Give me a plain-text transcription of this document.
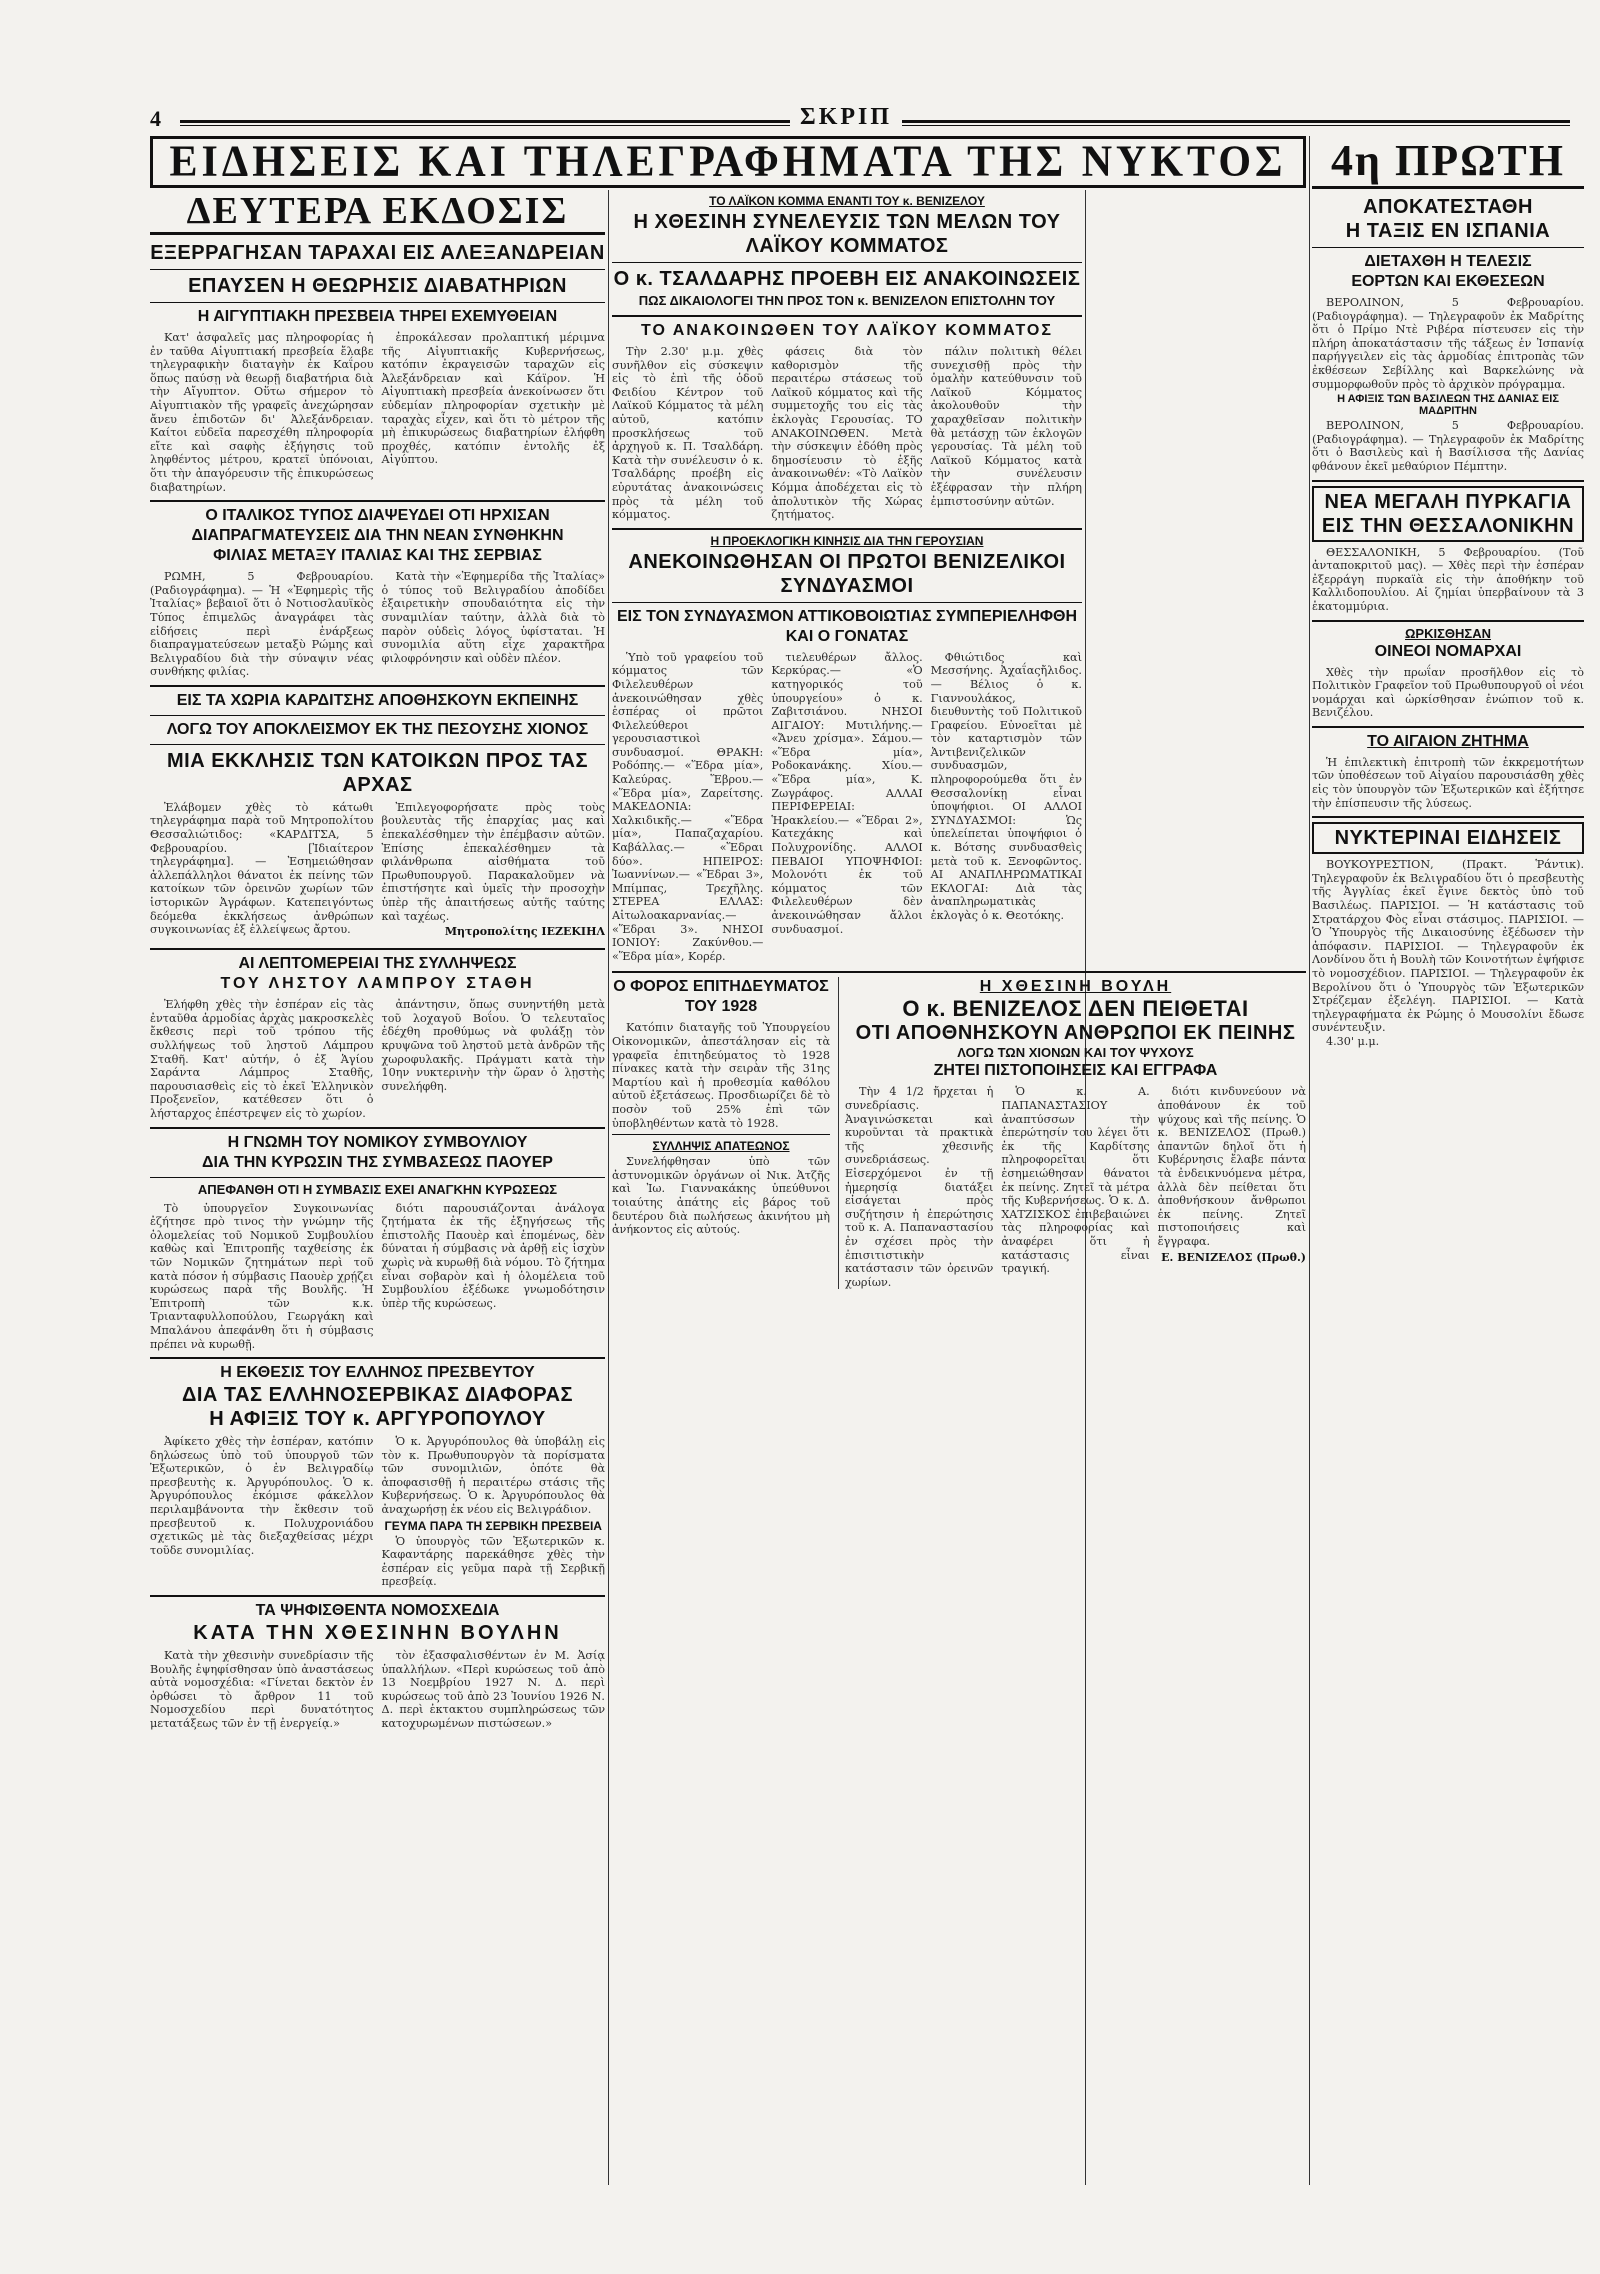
4	ΣΚΡΙΠ
ΕΙΔΗΣΕΙΣ ΚΑΙ ΤΗΛΕΓΡΑΦΗΜΑΤΑ ΤΗΣ ΝΥΚΤΟΣ
ΔΕΥΤΕΡΑ ΕΚΔΟΣΙΣ
ΕΞΕΡΡΑΓΗΣΑΝ ΤΑΡΑΧΑΙ ΕΙΣ ΑΛΕΞΑΝΔΡΕΙΑΝ
ΕΠΑΥΣΕΝ Η ΘΕΩΡΗΣΙΣ ΔΙΑΒΑΤΗΡΙΩΝ
Η ΑΙΓΥΠΤΙΑΚΗ ΠΡΕΣΒΕΙΑ ΤΗΡΕΙ ΕΧΕΜΥΘΕΙΑΝ

Κατ' ἀσφαλεῖς μας πληροφορίας ἡ ἐν ταῦθα Αἰγυπτιακή πρεσβεία ἔλαβε τηλεγραφικὴν διαταγὴν ἐκ Καΐρου ὅπως παύσῃ νὰ θεωρῇ διαβατήρια διὰ τὴν Αἴγυπτον. Οὕτω σήμερον τὸ Αἰγυπτιακὸν τῆς γραφεῖς ἀνεχώρησαν ἄνευ ἐπιδοτῶν δι' Ἀλεξάνδρειαν. Καίτοι εὐδεῖα παρεσχέθη πληροφορία εἴτε καὶ σαφὴς ἐξήγησις τοῦ ληφθέντος μέτρου, κρατεῖ ὑπόνοιαι, ὅτι τὴν ἀπαγόρευσιν τῆς ἐπικυρώσεως διαβατηρίων.

ἐπροκάλεσαν προλαπτική μέριμνα τῆς Αἰγυπτιακῆς Κυβερνήσεως, κατόπιν ἐκραγεισῶν ταραχῶν εἰς Ἀλεξάνδρειαν καὶ Κάϊρον. Ἡ Αἰγυπτιακὴ πρεσβεία ἀνεκοίνωσεν ὅτι εὐδεμίαν πληροφορίαν σχετικὴν μὲ ταραχὰς εἶχεν, καὶ ὅτι τὸ μέτρον τῆς μὴ ἐπικυρώσεως διαβατηρίων ἐλήφθη προχθές, κατόπιν ἐντολῆς ἐξ Αἰγύπτου.

Ο ΙΤΑΛΙΚΟΣ ΤΥΠΟΣ ΔΙΑΨΕΥΔΕΙ ΟΤΙ ΗΡΧΙΣΑΝ
ΔΙΑΠΡΑΓΜΑΤΕΥΣΕΙΣ ΔΙΑ ΤΗΝ ΝΕΑΝ ΣΥΝΘΗΚΗΝ
ΦΙΛΙΑΣ ΜΕΤΑΞΥ ΙΤΑΛΙΑΣ ΚΑΙ ΤΗΣ ΣΕΡΒΙΑΣ

ΡΩΜΗ, 5 Φεβρουαρίου. (Ραδιογράφημα). — Ἡ «Ἐφημερὶς τῆς Ἰταλίας» βεβαιοῖ ὅτι ὁ Νοτιοσλαυϊκὸς Τύπος ἐπιμελῶς ἀναγράφει τὰς εἰδήσεις περὶ ἐνάρξεως διαπραγματεύσεων μεταξὺ Ρώμης καὶ Βελιγραδίου διὰ τὴν σύναψιν νέας συνθήκης φιλίας.

Κατὰ τὴν «Ἐφημερίδα τῆς Ἰταλίας» ὁ τύπος τοῦ Βελιγραδίου ἀποδίδει ἐξαιρετικὴν σπουδαιότητα εἰς τὴν συναμιλίαν ταύτην, ἀλλὰ διὰ τὸ παρὸν οὐδεὶς λόγος ὑφίσταται. Ἡ συνομιλία αὕτη εἶχε χαρακτῆρα φιλοφρόνησιν καὶ οὐδὲν πλέον.

ΕΙΣ ΤΑ ΧΩΡΙΑ ΚΑΡΔΙΤΣΗΣ ΑΠΟΘΗΣΚΟΥΝ ΕΚΠΕΙΝΗΣ
ΛΟΓΩ ΤΟΥ ΑΠΟΚΛΕΙΣΜΟΥ ΕΚ ΤΗΣ ΠΕΣΟΥΣΗΣ ΧΙΟΝΟΣ
ΜΙΑ ΕΚΚΛΗΣΙΣ ΤΩΝ ΚΑΤΟΙΚΩΝ ΠΡΟΣ ΤΑΣ ΑΡΧΑΣ

Ἐλάβομεν χθὲς τὸ κάτωθι τηλεγράφημα παρὰ τοῦ Μητροπολίτου Θεσσαλιώτιδος: «ΚΑΡΔΙΤΣΑ, 5 Φεβρουαρίου. [Ἰδιαίτερον τηλεγράφημα]. — Ἐσημειώθησαν ἀλλεπάλληλοι θάνατοι ἐκ πείνης τῶν κατοίκων τῶν ὀρεινῶν χωρίων τῶν ἱστορικῶν Ἀγράφων. Κατεπειγόντως δεόμεθα ἐκκλήσεως ἀνθρώπων συγκοινωνίας ἐξ ἐλλείψεως ἄρτου.

Ἐπιλεγοφορήσατε πρὸς τοὺς βουλευτὰς τῆς ἐπαρχίας μας καὶ ἐπεκαλέσθημεν τὴν ἐπέμβασιν αὐτῶν. Ἐπίσης ἐπεκαλέσθημεν τὰ φιλάνθρωπα αἰσθήματα τοῦ Πρωθυπουργοῦ. Παρακαλοῦμεν νὰ ἐπιστήσητε καὶ ὑμεῖς τὴν προσοχὴν ὑπὲρ τῆς ἀπαιτήσεως αὐτῆς ταύτης καὶ ταχέως.

Μητροπολίτης ΙΕΖΕΚΙΗΛ
ΑΙ ΛΕΠΤΟΜΕΡΕΙΑΙ ΤΗΣ ΣΥΛΛΗΨΕΩΣ
ΤΟΥ ΛΗΣΤΟΥ ΛΑΜΠΡΟΥ ΣΤΑΘΗ

Ἐλήφθη χθὲς τὴν ἑσπέραν εἰς τὰς ἐνταῦθα ἁρμοδίας ἀρχὰς μακροσκελὲς ἔκθεσις περὶ τοῦ τρόπου τῆς συλλήψεως τοῦ ληστοῦ Λάμπρου Σταθῆ. Κατ' αὐτήν, ὁ ἐξ Ἁγίου Σαράντα Λάμπρος Σταθῆς, παρουσιασθεὶς εἰς τὸ ἐκεῖ Ἑλληνικὸν Προξενεῖον, κατέθεσεν ὅτι ὁ λήσταρχος ἐπέστρεψεν εἰς τὸ χωρίον.

ἀπάντησιν, ὅπως συνηντήθη μετὰ τοῦ λοχαγοῦ Βοΐου. Ὁ τελευταῖος ἐδέχθη προθύμως νὰ φυλάξῃ τὸν κρυψῶνα τοῦ ληστοῦ μετὰ ἀνδρῶν τῆς χωροφυλακῆς. Πράγματι κατὰ τὴν 10ην νυκτερινὴν τὴν ὥραν ὁ λῃστὴς συνελήφθη.

Η ΓΝΩΜΗ ΤΟΥ ΝΟΜΙΚΟΥ ΣΥΜΒΟΥΛΙΟΥ
ΔΙΑ ΤΗΝ ΚΥΡΩΣΙΝ ΤΗΣ ΣΥΜΒΑΣΕΩΣ ΠΑΟΥΕΡ
ΑΠΕΦΑΝΘΗ ΟΤΙ Η ΣΥΜΒΑΣΙΣ ΕΧΕΙ ΑΝΑΓΚΗΝ ΚΥΡΩΣΕΩΣ

Τὸ ὑπουργεῖον Συγκοινωνίας ἐζήτησε πρὸ τινος τὴν γνώμην τῆς ὁλομελείας τοῦ Νομικοῦ Συμβουλίου καθὼς καὶ Ἐπιτροπῆς ταχθείσης ἐκ τῶν Νομικῶν ζητημάτων περὶ τοῦ κατὰ πόσον ἡ σύμβασις Παουὲρ χρῄζει κυρώσεως παρὰ τῆς Βουλῆς. Ἡ Ἐπιτροπὴ τῶν κ.κ. Τριανταφυλλοπούλου, Γεωργάκη καὶ Μπαλάνου ἀπεφάνθη ὅτι ἡ σύμβασις πρέπει νὰ κυρωθῇ.

διότι παρουσιάζονται ἀνάλογα ζητήματα ἐκ τῆς ἐξηγήσεως τῆς ἐπιστολῆς Παουὲρ καὶ ἑπομένως, δὲν δύναται ἡ σύμβασις νὰ ἀρθῇ εἰς ἰσχὺν χωρὶς νὰ κυρωθῇ διὰ νόμου. Τὸ ζήτημα εἶναι σοβαρὸν καὶ ἡ ὁλομέλεια τοῦ Συμβουλίου ἐξέδωκε γνωμοδότησιν ὑπὲρ τῆς κυρώσεως.

Η ΕΚΘΕΣΙΣ ΤΟΥ ΕΛΛΗΝΟΣ ΠΡΕΣΒΕΥΤΟΥ
ΔΙΑ ΤΑΣ ΕΛΛΗΝΟΣΕΡΒΙΚΑΣ ΔΙΑΦΟΡΑΣ
Η ΑΦΙΞΙΣ ΤΟΥ κ. ΑΡΓΥΡΟΠΟΥΛΟΥ

Ἀφίκετο χθὲς τὴν ἑσπέραν, κατόπιν δηλώσεως ὑπὸ τοῦ ὑπουργοῦ τῶν Ἐξωτερικῶν, ὁ ἐν Βελιγραδίῳ πρεσβευτὴς κ. Ἀργυρόπουλος. Ὁ κ. Ἀργυρόπουλος ἐκόμισε φάκελλον περιλαμβάνοντα τὴν ἔκθεσιν τοῦ πρεσβευτοῦ κ. Πολυχρονιάδου σχετικῶς μὲ τὰς διεξαχθείσας μέχρι τοῦδε συνομιλίας.

Ὁ κ. Ἀργυρόπουλος θὰ ὑποβάλῃ εἰς τὸν κ. Πρωθυπουργὸν τὰ πορίσματα τῶν συνομιλιῶν, ὁπότε θὰ ἀποφασισθῇ ἡ περαιτέρω στάσις τῆς Κυβερνήσεως. Ὁ κ. Ἀργυρόπουλος θὰ ἀναχωρήσῃ ἐκ νέου εἰς Βελιγράδιον.

ΓΕΥΜΑ ΠΑΡΑ ΤΗ ΣΕΡΒΙΚΗ ΠΡΕΣΒΕΙΑ

Ὁ ὑπουργὸς τῶν Ἐξωτερικῶν κ. Καφαντάρης παρεκάθησε χθὲς τὴν ἑσπέραν εἰς γεῦμα παρὰ τῇ Σερβικῇ πρεσβείᾳ.

ΤΑ ΨΗΦΙΣΘΕΝΤΑ ΝΟΜΟΣΧΕΔΙΑ
ΚΑΤΑ ΤΗΝ ΧΘΕΣΙΝΗΝ ΒΟΥΛΗΝ

Κατὰ τὴν χθεσινὴν συνεδρίασιν τῆς Βουλῆς ἐψηφίσθησαν ὑπὸ ἀναστάσεως αὐτὰ νομοσχέδια: «Γίνεται δεκτὸν ἐν ὀρθώσει τὸ ἄρθρον 11 τοῦ Νομοσχεδίου περὶ δυνατότητος μετατάξεως τῶν ἐν τῇ ἐνεργείᾳ.»

τὸν ἐξασφαλισθέντων ἐν Μ. Ἀσίᾳ ὑπαλλήλων. «Περὶ κυρώσεως τοῦ ἀπὸ 13 Νοεμβρίου 1927 Ν. Δ. περὶ κυρώσεως τοῦ ἀπὸ 23 Ἰουνίου 1926 Ν. Δ. περὶ ἐκτακτου συμπληρώσεως τῶν κατοχυρωμένων πιστώσεων.»

ΤΟ ΛΑΪΚΟΝ ΚΟΜΜΑ ΕΝΑΝΤΙ ΤΟΥ κ. ΒΕΝΙΖΕΛΟΥ
Η ΧΘΕΣΙΝΗ ΣΥΝΕΛΕΥΣΙΣ ΤΩΝ ΜΕΛΩΝ ΤΟΥ ΛΑΪΚΟΥ ΚΟΜΜΑΤΟΣ
Ο κ. ΤΣΑΛΔΑΡΗΣ ΠΡΟΕΒΗ ΕΙΣ ΑΝΑΚΟΙΝΩΣΕΙΣ
ΠΩΣ ΔΙΚΑΙΟΛΟΓΕΙ ΤΗΝ ΠΡΟΣ ΤΟΝ κ. ΒΕΝΙΖΕΛΟΝ ΕΠΙΣΤΟΛΗΝ ΤΟΥ
ΤΟ ΑΝΑΚΟΙΝΩΘΕΝ ΤΟΥ ΛΑΪΚΟΥ ΚΟΜΜΑΤΟΣ

Τὴν 2.30' μ.μ. χθὲς συνῆλθον εἰς σύσκεψιν εἰς τὸ ἐπὶ τῆς ὁδοῦ Φειδίου Κέντρον τοῦ Λαϊκοῦ Κόμματος τὰ μέλη αὐτοῦ, κατόπιν προσκλήσεως τοῦ ἀρχηγοῦ κ. Π. Τσαλδάρη. Κατὰ τὴν συνέλευσιν ὁ κ. Τσαλδάρης προέβη εἰς εὐρυτάτας ἀνακοινώσεις πρὸς τὰ μέλη τοῦ κόμματος.

φάσεις διὰ τὸν καθορισμὸν τῆς περαιτέρω στάσεως τοῦ Λαϊκοῦ κόμματος καὶ τῆς συμμετοχῆς του εἰς τὰς ἐκλογὰς Γερουσίας. ΤΟ ΑΝΑΚΟΙΝΩΘΕΝ. Μετὰ τὴν σύσκεψιν ἐδόθη πρὸς δημοσίευσιν τὸ ἑξῆς ἀνακοινωθέν: «Τὸ Λαϊκὸν Κόμμα ἀποδέχεται εἰς τὸ ἀπολυτικὸν τῆς Χώρας ζητήματος.

πάλιν πολιτικὴ θέλει συνεχισθῇ πρὸς τὴν ὁμαλὴν κατεύθυνσιν τοῦ Λαϊκοῦ Κόμματος ἀκολουθοῦν τὴν χαραχθεῖσαν πολιτικὴν θὰ μετάσχῃ τῶν ἐκλογῶν γερουσίας. Τὰ μέλη τοῦ Λαϊκοῦ Κόμματος κατὰ τὴν συνέλευσιν ἐξέφρασαν τὴν πλήρη ἐμπιστοσύνην αὐτῶν.

Η ΠΡΟΕΚΛΟΓΙΚΗ ΚΙΝΗΣΙΣ ΔΙΑ ΤΗΝ ΓΕΡΟΥΣΙΑΝ
ΑΝΕΚΟΙΝΩΘΗΣΑΝ ΟΙ ΠΡΩΤΟΙ ΒΕΝΙΖΕΛΙΚΟΙ ΣΥΝΔΥΑΣΜΟΙ
ΕΙΣ ΤΟΝ ΣΥΝΔΥΑΣΜΟΝ ΑΤΤΙΚΟΒΟΙΩΤΙΑΣ ΣΥΜΠΕΡΙΕΛΗΦΘΗ ΚΑΙ Ο ΓΟΝΑΤΑΣ

Ὑπὸ τοῦ γραφείου τοῦ κόμματος τῶν Φιλελευθέρων ἀνεκοινώθησαν χθὲς ἑσπέρας οἱ πρῶτοι Φιλελεύθεροι γερουσιαστικοὶ συνδυασμοί. ΘΡΑΚΗ: Ροδόπης.— «Ἕδρα μία», Καλεύρας. Ἕβρου.— «Ἕδρα μία», Ζαρείτσης. ΜΑΚΕΔΟΝΙΑ: Χαλκιδικῆς.— «Ἕδρα μία», Παπαζαχαρίου. Καβάλλας.— «Ἕδραι δύο». ΗΠΕΙΡΟΣ: Ἰωαννίνων.— «Ἕδραι 3», Μπίμπας, Τρεχῆλης. ΣΤΕΡΕΑ ΕΛΛΑΣ: Αἰτωλοακαρνανίας.— «Ἕδραι 3». ΝΗΣΟΙ ΙΟΝΙΟΥ: Ζακύνθου.— «Ἕδρα μία», Κορέρ.

τιελευθέρων ἄλλος. Κερκύρας.— «Ὁ κατηγορικός τοῦ ὑπουργείου» ὁ κ. Ζαβιτσιάνου. ΝΗΣΟΙ ΑΙΓΑΙΟΥ: Μυτιλήνης.— «Ἄνευ χρίσμα». Σάμου.— «Ἕδρα μία», Ροδοκανάκης. Χίου.— «Ἕδρα μία», Κ. Ζωγράφος. ΑΛΛΑΙ ΠΕΡΙΦΕΡΕΙΑΙ: Ἡρακλείου.— «Ἕδραι 2», Κατεχάκης καὶ Πολυχρονίδης. ΑΛΛΟΙ ΠΕΒΑΙΟΙ ΥΠΟΨΗΦΙΟΙ: Μολονότι ἐκ τοῦ κόμματος τῶν Φιλελευθέρων δὲν ἀνεκοινώθησαν ἄλλοι συνδυασμοί.

Φθιώτιδος καὶ Μεσσήνης. Ἀχαΐαςἤλιδος.— Βέλιος ὁ κ. Γιαννουλάκος, διευθυντὴς τοῦ Πολιτικοῦ Γραφείου. Εὐνοεῖται μὲ τὸν καταρτισμὸν τῶν Ἀντιβενιζελικῶν συνδυασμῶν, πληροφορούμεθα ὅτι ἐν Θεσσαλονίκῃ εἶναι ὑποψήφιοι. ΟΙ ΑΛΛΟΙ ΣΥΝΔΥΑΣΜΟΙ: Ὡς ὑπελείπεται ὑποψήφιοι ὁ κ. Βότσης συνδυασθεὶς μετὰ τοῦ κ. Ξενοφῶντος. ΑΙ ΑΝΑΠΛΗΡΩΜΑΤΙΚΑΙ ΕΚΛΟΓΑΙ: Διὰ τὰς ἀναπληρωματικὰς ἐκλογὰς ὁ κ. Θεοτόκης.

Ο ΦΟΡΟΣ ΕΠΙΤΗΔΕΥΜΑΤΟΣ ΤΟΥ 1928

Κατόπιν διαταγῆς τοῦ Ὑπουργείου Οἰκονομικῶν, ἀπεστάλησαν εἰς τὰ γραφεῖα ἐπιτηδεύματος τὸ 1928 πίνακες κατὰ τὴν σειρὰν τῆς 31ης Μαρτίου καὶ ἡ προθεσμία καθόλου αὐτοῦ ἐξετάσεως. Προσδιωρίζει δὲ τὸ ποσὸν τοῦ 25% ἐπὶ τῶν ὑποβληθέντων κατὰ τὸ 1928.

ΣΥΛΛΗΨΙΣ ΑΠΑΤΕΩΝΟΣ

Συνελήφθησαν ὑπὸ τῶν ἀστυνομικῶν ὀργάνων οἱ Νικ. Ἀτζῆς καὶ Ἰω. Γιαννακάκης ὑπεύθυνοι τοιαύτης ἀπάτης εἰς βάρος τοῦ δευτέρου διὰ πωλήσεως ἀκινήτου μὴ ἀνήκοντος εἰς αὐτούς.

Η ΧΘΕΣΙΝΗ ΒΟΥΛΗ
Ο κ. ΒΕΝΙΖΕΛΟΣ ΔΕΝ ΠΕΙΘΕΤΑΙ
ΟΤΙ ΑΠΟΘΝΗΣΚΟΥΝ ΑΝΘΡΩΠΟΙ ΕΚ ΠΕΙΝΗΣ
ΛΟΓΩ ΤΩΝ ΧΙΟΝΩΝ ΚΑΙ ΤΟΥ ΨΥΧΟΥΣ
ΖΗΤΕΙ ΠΙΣΤΟΠΟΙΗΣΕΙΣ ΚΑΙ ΕΓΓΡΑΦΑ

Τὴν 4 1/2 ἤρχεται ἡ συνεδρίασις. Ἀναγινώσκεται καὶ κυροῦνται τὰ πρακτικὰ τῆς χθεσινῆς συνεδριάσεως. Εἰσερχόμενοι ἐν τῇ ἡμερησίᾳ διατάξει εἰσάγεται πρὸς συζήτησιν ἡ ἐπερώτησις τοῦ κ. Α. Παπαναστασίου ἐν σχέσει πρὸς τὴν ἐπισιτιστικὴν κατάστασιν τῶν ὀρεινῶν χωρίων.

Ὁ κ. Α. ΠΑΠΑΝΑΣΤΑΣΙΟΥ ἀναπτύσσων τὴν ἐπερώτησίν του λέγει ὅτι ἐκ τῆς Καρδίτσης πληροφορεῖται ὅτι ἐσημειώθησαν θάνατοι ἐκ πείνης. Ζητεῖ τὰ μέτρα τῆς Κυβερνήσεως. Ὁ κ. Δ. ΧΑΤΖΙΣΚΟΣ ἐπιβεβαιώνει τὰς πληροφορίας καὶ ἀναφέρει ὅτι ἡ κατάστασις εἶναι τραγική.

διότι κινδυνεύουν νὰ ἀποθάνουν ἐκ τοῦ ψύχους καὶ τῆς πείνης. Ὁ κ. ΒΕΝΙΖΕΛΟΣ (Πρωθ.) ἀπαντῶν δηλοῖ ὅτι ἡ Κυβέρνησις ἔλαβε πάντα τὰ ἐνδεικνυόμενα μέτρα, ἀλλὰ δὲν πείθεται ὅτι ἀποθνήσκουν ἄνθρωποι ἐκ πείνης. Ζητεῖ πιστοποιήσεις καὶ ἔγγραφα.

Ε. ΒΕΝΙΖΕΛΟΣ (Πρωθ.)
4η ΠΡΩΤΗ
ΑΠΟΚΑΤΕΣΤΑΘΗ
Η ΤΑΞΙΣ ΕΝ ΙΣΠΑΝΙΑ
ΔΙΕΤΑΧΘΗ Η ΤΕΛΕΣΙΣ
ΕΟΡΤΩΝ ΚΑΙ ΕΚΘΕΣΕΩΝ

ΒΕΡΟΛΙΝΟΝ, 5 Φεβρουαρίου. (Ραδιογράφημα). — Τηλεγραφοῦν ἐκ Μαδρίτης ὅτι ὁ Πρίμο Ντὲ Ριβέρα πίστευσεν εἰς τὴν πλήρη ἀποκατάστασιν τῆς τάξεως ἐν Ἰσπανίᾳ παρήγγειλεν εἰς τὰς ἀρμοδίας ἐπιτροπὰς τῶν ἐκθέσεων Σεβίλλης καὶ Βαρκελώνης νὰ συμμορφωθοῦν πρὸς τὸ ἀρχικὸν πρόγραμμα.

Η ΑΦΙΞΙΣ ΤΩΝ ΒΑΣΙΛΕΩΝ ΤΗΣ ΔΑΝΙΑΣ ΕΙΣ ΜΑΔΡΙΤΗΝ

ΒΕΡΟΛΙΝΟΝ, 5 Φεβρουαρίου. (Ραδιογράφημα). — Τηλεγραφοῦν ἐκ Μαδρίτης ὅτι ὁ Βασιλεὺς καὶ ἡ Βασίλισσα τῆς Δανίας φθάνουν ἐκεῖ μεθαύριον Πέμπτην.

ΝΕΑ ΜΕΓΑΛΗ ΠΥΡΚΑΓΙΑ
ΕΙΣ ΤΗΝ ΘΕΣΣΑΛΟΝΙΚΗΝ

ΘΕΣΣΑΛΟΝΙΚΗ, 5 Φεβρουαρίου. (Τοῦ ἀνταποκριτοῦ μας). — Χθὲς περὶ τὴν ἑσπέραν ἐξερράγη πυρκαϊὰ εἰς τὴν ἀποθήκην τοῦ Καλλιδοπουλίου. Αἱ ζημίαι ὑπερβαίνουν τὰ 3 ἑκατομμύρια.

ΩΡΚΙΣΘΗΣΑΝ
ΟΙΝΕΟΙ ΝΟΜΑΡΧΑΙ

Χθὲς τὴν πρωΐαν προσῆλθον εἰς τὸ Πολιτικὸν Γραφεῖον τοῦ Πρωθυπουργοῦ οἱ νέοι νομάρχαι καὶ ὠρκίσθησαν ἐνώπιον τοῦ κ. Βενιζέλου.

ΤΟ ΑΙΓΑΙΟΝ ΖΗΤΗΜΑ

Ἡ ἐπιλεκτικὴ ἐπιτροπὴ τῶν ἐκκρεμοτήτων τῶν ὑποθέσεων τοῦ Αἰγαίου παρουσιάσθη χθὲς εἰς τὸν ὑπουργὸν τῶν Ἐξωτερικῶν καὶ ἐξήτησε τὴν ἐπίσπευσιν τῆς λύσεως.

ΝΥΚΤΕΡΙΝΑΙ ΕΙΔΗΣΕΙΣ

ΒΟΥΚΟΥΡΕΣΤΙΟΝ, (Πρακτ. Ῥάντικ). Τηλεγραφοῦν ἐκ Βελιγραδίου ὅτι ὁ πρεσβευτὴς τῆς Ἀγγλίας ἐκεῖ ἔγινε δεκτὸς ὑπὸ τοῦ Βασιλέως. ΠΑΡΙΣΙΟΙ. — Ἡ κατάστασις τοῦ Στρατάρχου Φὸς εἶναι στάσιμος. ΠΑΡΙΣΙΟΙ. — Ὁ Ὑπουργὸς τῆς Δικαιοσύνης ἐξέδωσεν τὴν ἀπόφασιν. ΠΑΡΙΣΙΟΙ. — Τηλεγραφοῦν ἐκ Λονδίνου ὅτι ἡ Βουλὴ τῶν Κοινοτήτων ἐψήφισε τὸ νομοσχέδιον. ΠΑΡΙΣΙΟΙ. — Τηλεγραφοῦν ἐκ Βερολίνου ὅτι ὁ Ὑπουργὸς τῶν Ἐξωτερικῶν Στρέζεμαν ἐξελέγη. ΠΑΡΙΣΙΟΙ. — Κατὰ τηλεγραφήματα ἐκ Ρώμης ὁ Μουσολίνι ἔδωσε συνέντευξιν.

4.30' μ.μ.
